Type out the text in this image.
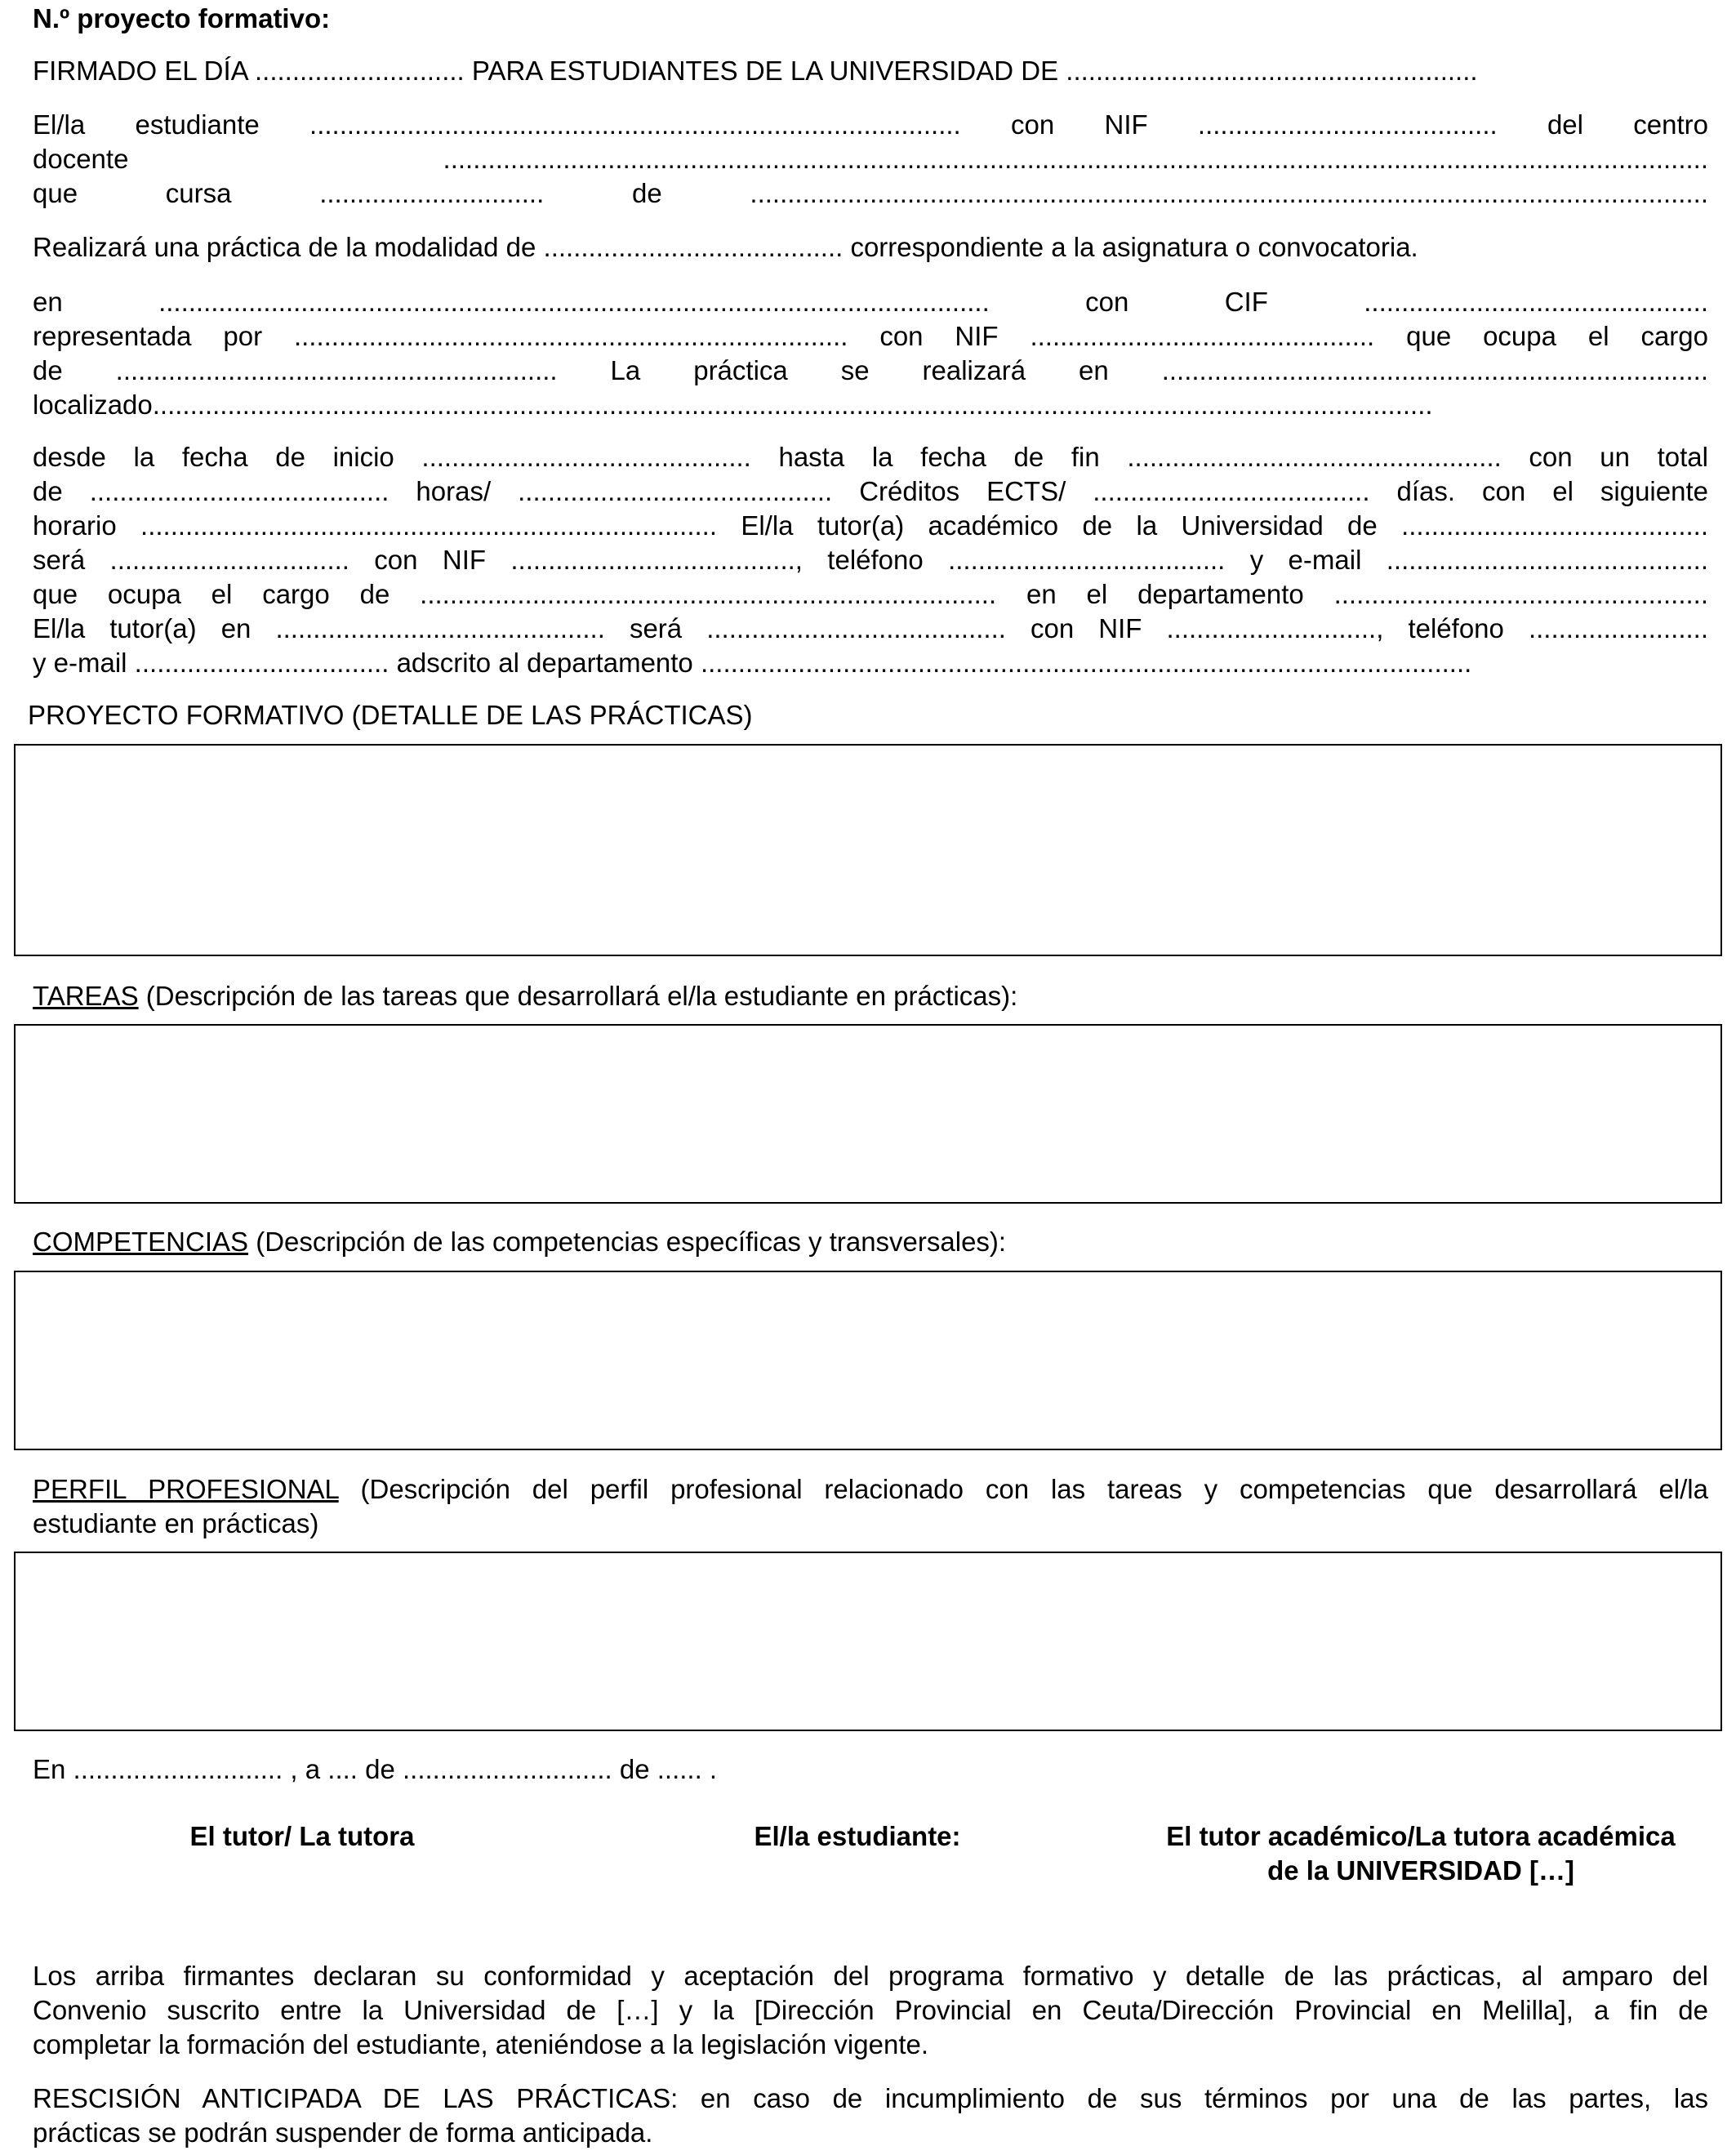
N.º proyecto formativo:
FIRMADO EL DÍA ............................ PARA ESTUDIANTES DE LA UNIVERSIDAD DE .......................................................
El/la estudiante ....................................................................................... con NIF ........................................ del centro
docente .........................................................................................................................................................................
que cursa .............................. de ................................................................................................................................
Realizará una práctica de la modalidad de ........................................ correspondiente a la asignatura o convocatoria.
en ............................................................................................................... con CIF ..............................................
representada por .......................................................................... con NIF .............................................. que ocupa el cargo
de ........................................................... La práctica se realizará en .........................................................................
localizado...........................................................................................................................................................................
desde la fecha de inicio ............................................ hasta la fecha de fin .................................................. con un total
de ........................................ horas/ .......................................... Créditos ECTS/ ..................................... días. con el siguiente
horario ............................................................................. El/la tutor(a) académico de la Universidad de .........................................
será ................................ con NIF ......................................, teléfono ..................................... y e-mail ...........................................
que ocupa el cargo de ............................................................................. en el departamento ..................................................
El/la tutor(a) en ............................................ será ........................................ con NIF ............................, teléfono ........................
y e-mail .................................. adscrito al departamento .......................................................................................................
PROYECTO FORMATIVO (DETALLE DE LAS PRÁCTICAS)
TAREAS (Descripción de las tareas que desarrollará el/la estudiante en prácticas):
COMPETENCIAS (Descripción de las competencias específicas y transversales):
PERFIL PROFESIONAL (Descripción del perfil profesional relacionado con las tareas y competencias que desarrollará el/la
estudiante en prácticas)
En ............................ , a .... de ............................ de ...... .
El tutor/ La tutora	El/la estudiante:	El tutor académico/La tutora académica
de la UNIVERSIDAD […]
Los arriba firmantes declaran su conformidad y aceptación del programa formativo y detalle de las prácticas, al amparo del
Convenio suscrito entre la Universidad de […] y la [Dirección Provincial en Ceuta/Dirección Provincial en Melilla], a fin de
completar la formación del estudiante, ateniéndose a la legislación vigente.
RESCISIÓN ANTICIPADA DE LAS PRÁCTICAS: en caso de incumplimiento de sus términos por una de las partes, las
prácticas se podrán suspender de forma anticipada.
